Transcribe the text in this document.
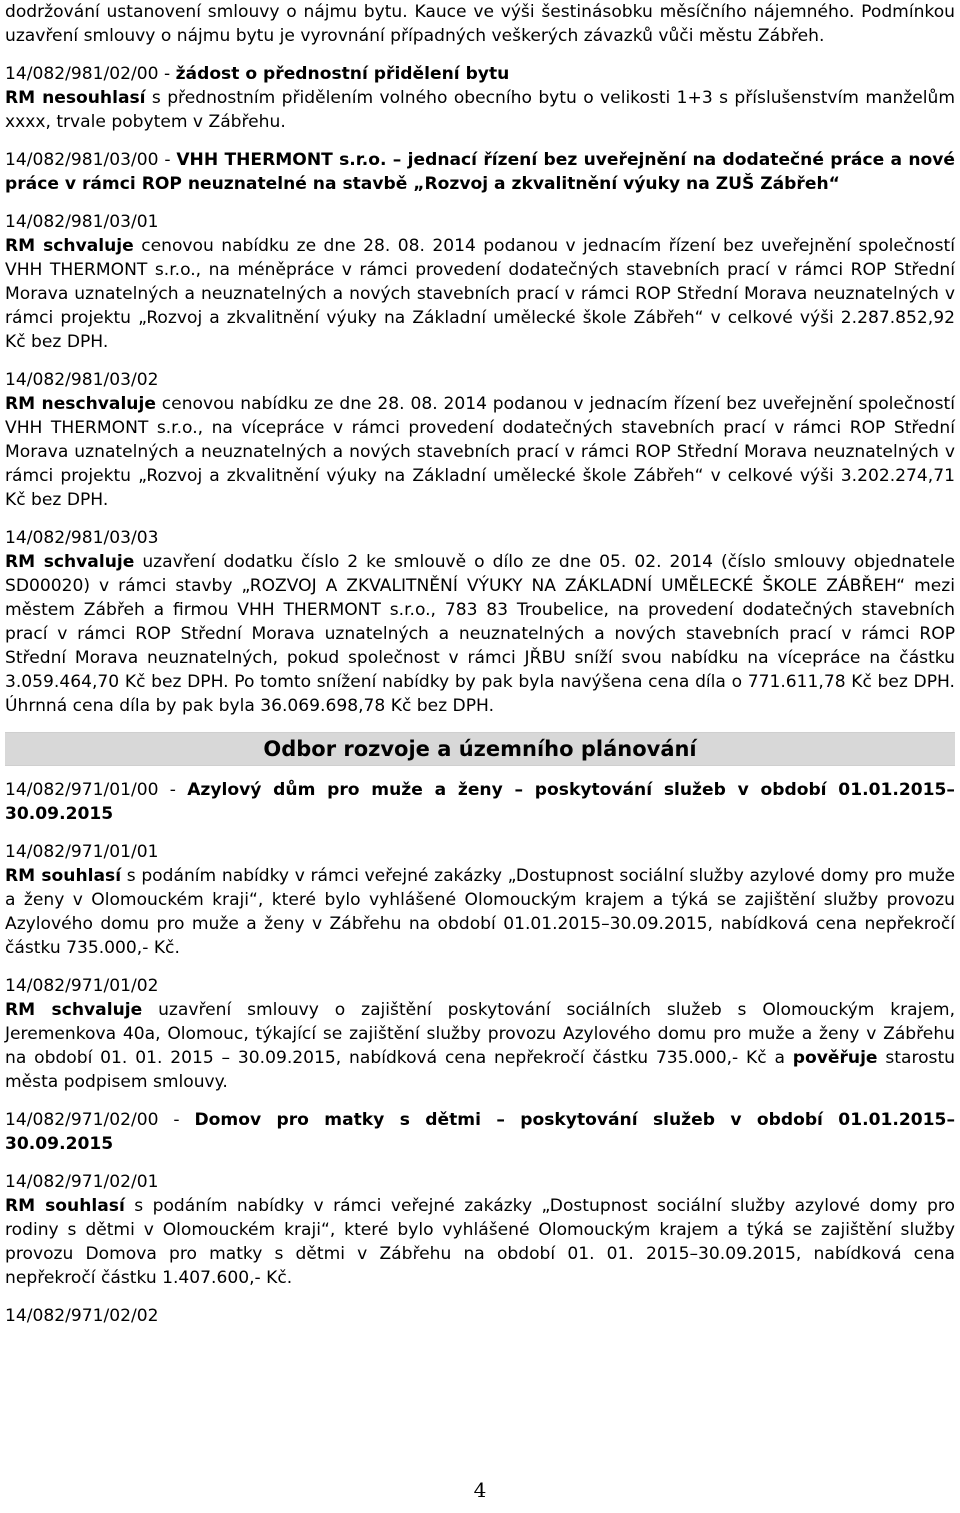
dodržování ustanovení smlouvy o nájmu bytu. Kauce ve výši šestinásobku měsíčního nájemného. Podmínkou uzavření smlouvy o nájmu bytu je vyrovnání případných veškerých závazků vůči městu Zábřeh.

14/082/981/02/00 - žádost o přednostní přidělení bytu

RM nesouhlasí s přednostním přidělením volného obecního bytu o velikosti 1+3 s příslušenstvím manželům xxxx, trvale pobytem v Zábřehu.

14/082/981/03/00 - VHH THERMONT s.r.o. – jednací řízení bez uveřejnění na dodatečné práce a nové práce v rámci ROP neuznatelné na stavbě „Rozvoj a zkvalitnění výuky na ZUŠ Zábřeh“

14/082/981/03/01

RM schvaluje cenovou nabídku ze dne 28. 08. 2014 podanou v jednacím řízení bez uveřejnění společností VHH THERMONT s.r.o., na méněpráce v rámci provedení dodatečných stavebních prací v rámci ROP Střední Morava uznatelných a neuznatelných a nových stavebních prací v rámci ROP Střední Morava neuznatelných v rámci projektu „Rozvoj a zkvalitnění výuky na Základní umělecké škole Zábřeh“ v celkové výši 2.287.852,92 Kč bez DPH.

14/082/981/03/02

RM neschvaluje cenovou nabídku ze dne 28. 08. 2014 podanou v jednacím řízení bez uveřejnění společností VHH THERMONT s.r.o., na vícepráce v rámci provedení dodatečných stavebních prací v rámci ROP Střední Morava uznatelných a neuznatelných a nových stavebních prací v rámci ROP Střední Morava neuznatelných v rámci projektu „Rozvoj a zkvalitnění výuky na Základní umělecké škole Zábřeh“ v celkové výši 3.202.274,71 Kč bez DPH.

14/082/981/03/03

RM schvaluje uzavření dodatku číslo 2 ke smlouvě o dílo ze dne 05. 02. 2014 (číslo smlouvy objednatele SD00020) v rámci stavby „ROZVOJ A ZKVALITNĚNÍ VÝUKY NA ZÁKLADNÍ UMĚLECKÉ ŠKOLE ZÁBŘEH“ mezi městem Zábřeh a firmou VHH THERMONT s.r.o., 783 83 Troubelice, na provedení dodatečných stavebních prací v rámci ROP Střední Morava uznatelných a neuznatelných a nových stavebních prací v rámci ROP Střední Morava neuznatelných, pokud společnost v rámci JŘBU sníží svou nabídku na vícepráce na částku 3.059.464,70 Kč bez DPH. Po tomto snížení nabídky by pak byla navýšena cena díla o 771.611,78 Kč bez DPH. Úhrnná cena díla by pak byla 36.069.698,78 Kč bez DPH.

Odbor rozvoje a územního plánování

14/082/971/01/00 - Azylový dům pro muže a ženy – poskytování služeb v období 01.01.2015– 30.09.2015

14/082/971/01/01

RM souhlasí s podáním nabídky v rámci veřejné zakázky „Dostupnost sociální služby azylové domy pro muže a ženy v Olomouckém kraji“, které bylo vyhlášené Olomouckým krajem a týká se zajištění služby provozu Azylového domu pro muže a ženy v Zábřehu na období 01.01.2015–30.09.2015, nabídková cena nepřekročí částku 735.000,- Kč.

14/082/971/01/02

RM schvaluje uzavření smlouvy o zajištění poskytování sociálních služeb s Olomouckým krajem, Jeremenkova 40a, Olomouc, týkající se zajištění služby provozu Azylového domu pro muže a ženy v Zábřehu na období 01. 01. 2015 – 30.09.2015, nabídková cena nepřekročí částku 735.000,- Kč a pověřuje starostu města podpisem smlouvy.

14/082/971/02/00 - Domov pro matky s dětmi – poskytování služeb v období 01.01.2015– 30.09.2015

14/082/971/02/01

RM souhlasí s podáním nabídky v rámci veřejné zakázky „Dostupnost sociální služby azylové domy pro rodiny s dětmi v Olomouckém kraji“, které bylo vyhlášené Olomouckým krajem a týká se zajištění služby provozu Domova pro matky s dětmi v Zábřehu na období 01. 01. 2015–30.09.2015, nabídková cena nepřekročí částku 1.407.600,- Kč.

14/082/971/02/02

4
